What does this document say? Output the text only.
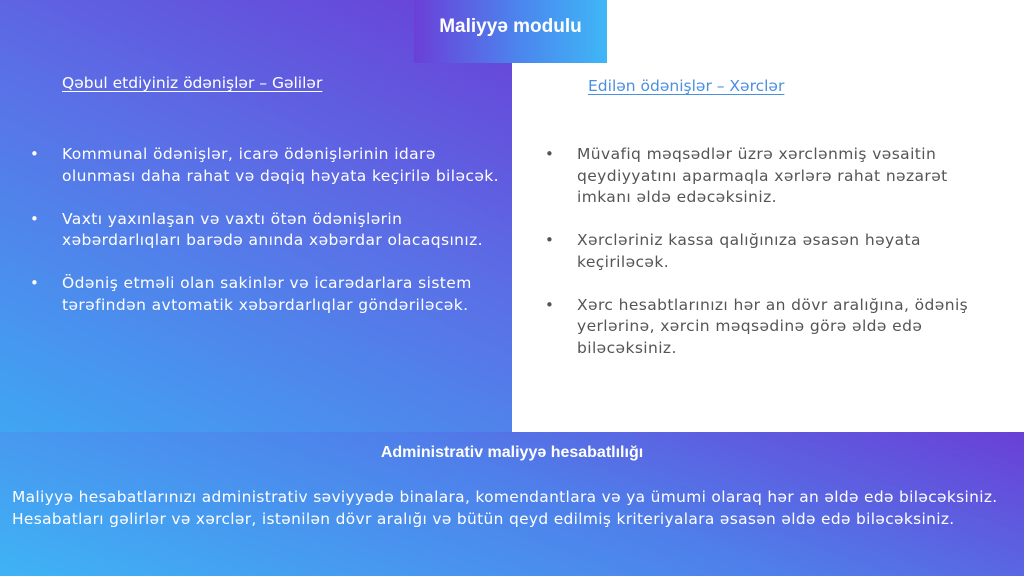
Maliyyə modulu
Qəbul etdiyiniz ödənişlər – Gəlilər	Edilən ödənişlər – Xərclər
• Kommunal ödənişlər, icarə ödənişlərinin idarə olunması daha rahat və dəqiq həyata keçirilə biləcək.
• Vaxtı yaxınlaşan və vaxtı ötən ödənişlərin xəbərdarlıqları barədə anında xəbərdar olacaqsınız.
• Ödəniş etməli olan sakinlər və icarədarlara sistem tərəfindən avtomatik xəbərdarlıqlar göndəriləcək.
• Müvafiq məqsədlər üzrə xərclənmiş vəsaitin qeydiyyatını aparmaqla xərlərə rahat nəzarət imkanı əldə edəcəksiniz.
• Xərcləriniz kassa qalığınıza əsasən həyata keçiriləcək.
• Xərc hesabtlarınızı hər an dövr aralığına, ödəniş yerlərinə, xərcin məqsədinə görə əldə edə biləcəksiniz.
Administrativ maliyyə hesabatlılığı

Maliyyə hesabatlarınızı administrativ səviyyədə binalara, komendantlara və ya ümumi olaraq hər an əldə edə biləcəksiniz. Hesabatları gəlirlər və xərclər, istənilən dövr aralığı və bütün qeyd edilmiş kriteriyalara əsasən əldə edə biləcəksiniz.
